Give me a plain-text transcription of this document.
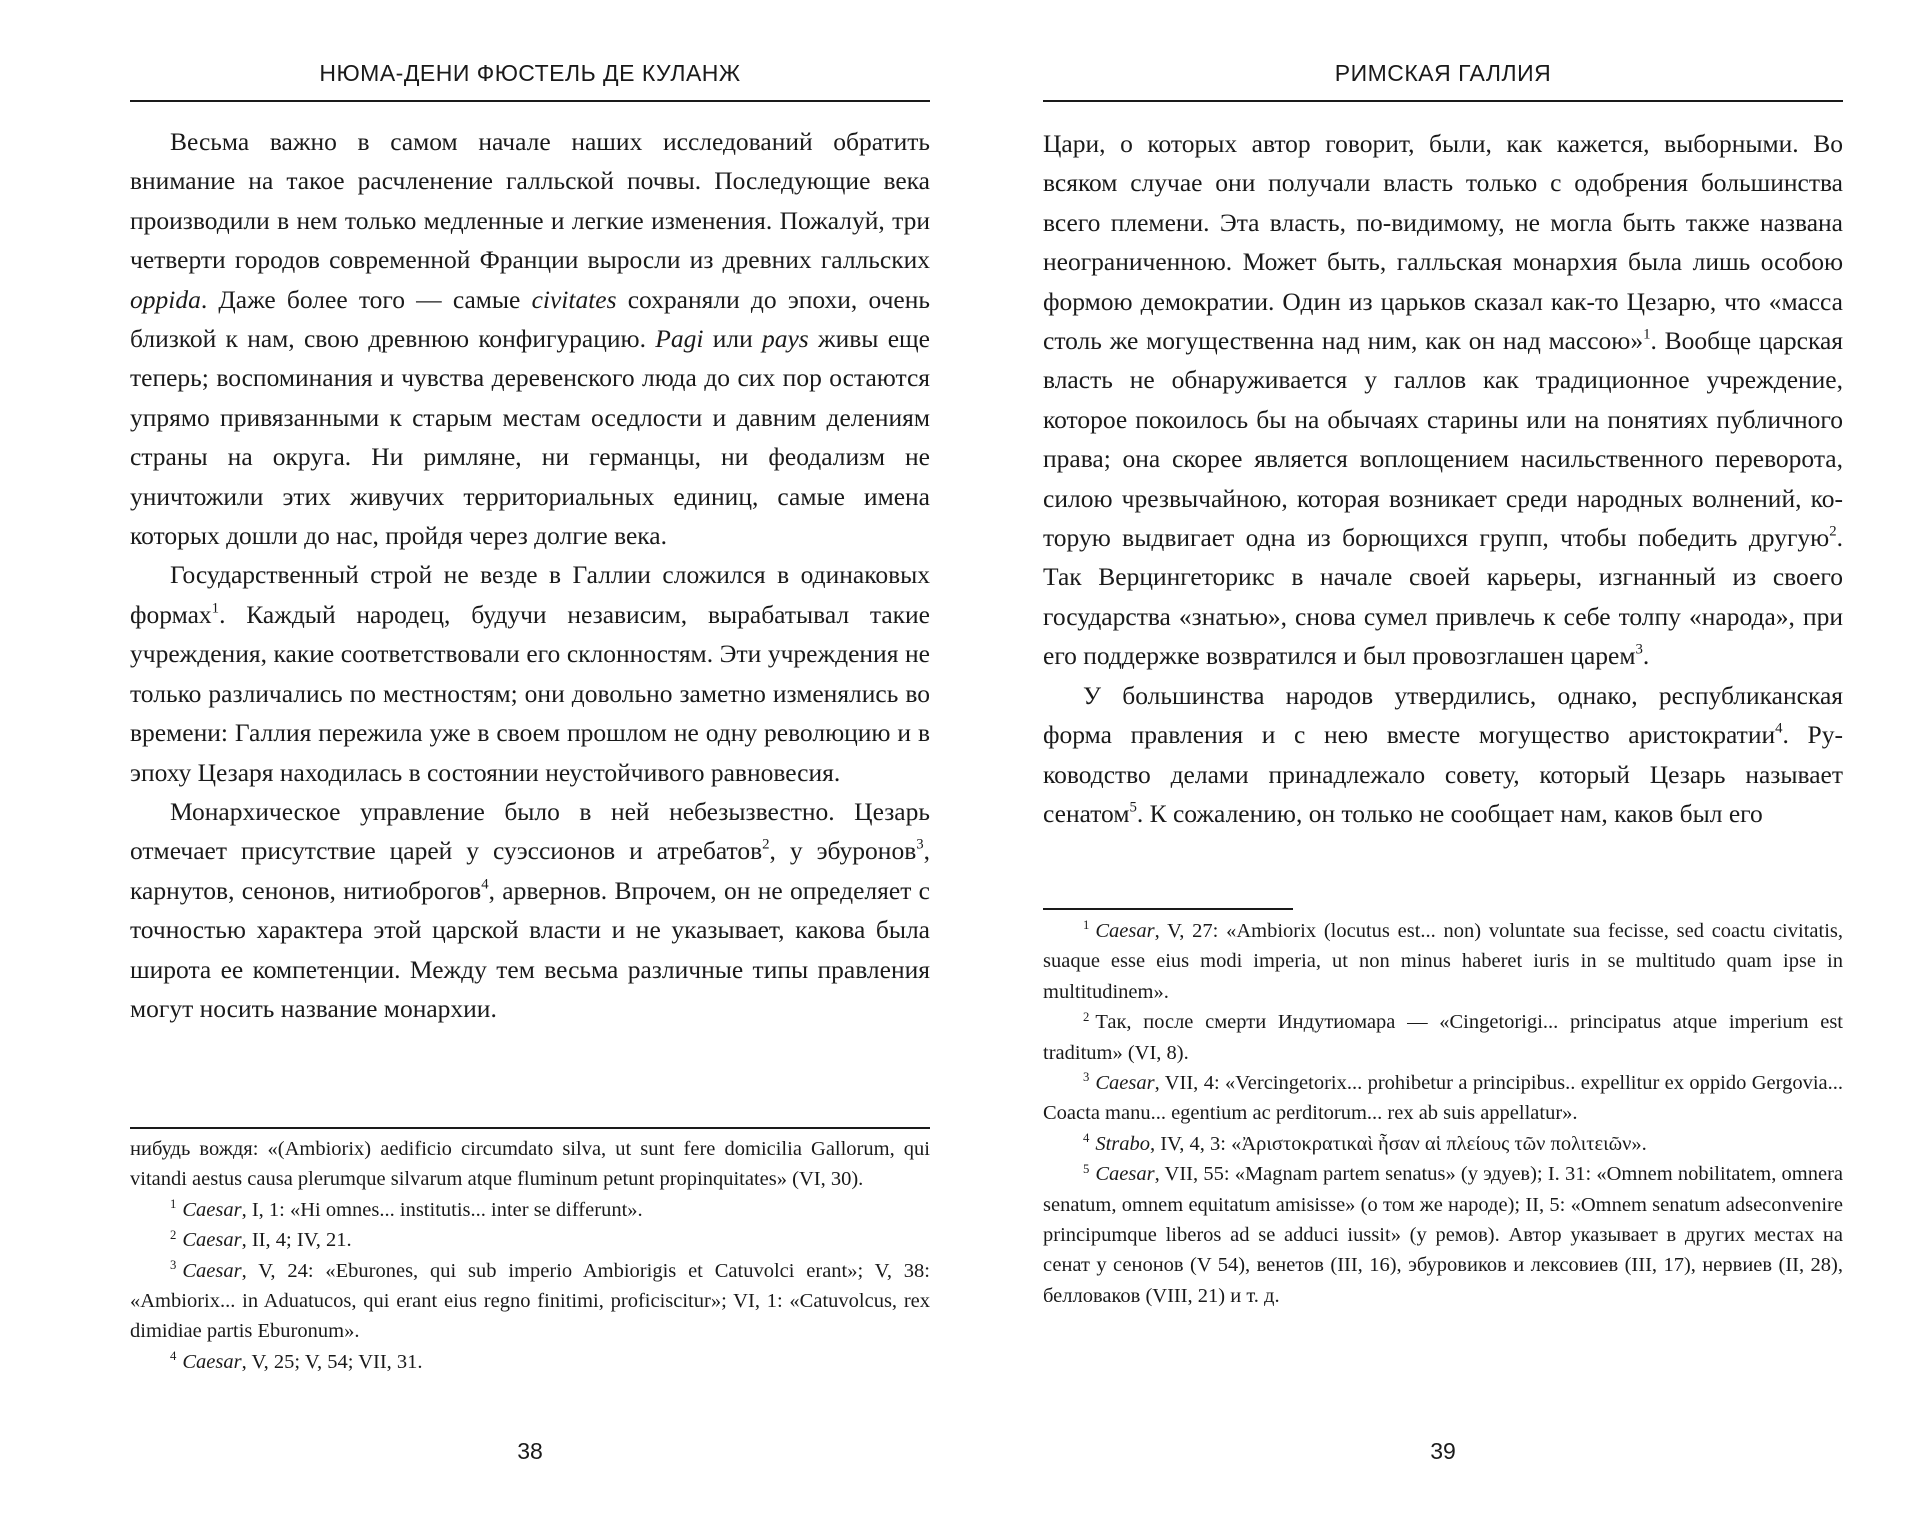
НЮМА-ДЕНИ ФЮСТЕЛЬ ДЕ КУЛАНЖ

Весьма важно в самом начале наших исследований обратить внимание на такое расчленение галльской почвы. Последующие века производили в нем только медленные и легкие изменения. Пожалуй, три четверти городов современной Франции выросли из древних галльских oppida. Даже более того — самые civitates сохраняли до эпохи, очень близкой к нам, свою древнюю конфигурацию. Pagi или pays живы еще теперь; воспоминания и чувства деревенского люда до сих пор остаются упрямо привязанными к старым местам оседлости и давним делениям страны на округа. Ни римляне, ни германцы, ни феодализм не уничтожили этих живучих территориальных единиц, самые имена которых дошли до нас, пройдя через долгие века.

Государственный строй не везде в Галлии сложился в одинаковых формах$^1$. Каждый народец, будучи независим, вырабатывал такие учреждения, какие соответствовали его склонностям. Эти учреждения не только различались по местностям; они довольно заметно изменялись во времени: Галлия пережила уже в своем прошлом не одну революцию и в эпоху Цезаря находилась в состоянии неустойчивого равновесия.

Монархическое управление было в ней небезызвестно. Цезарь отмечает присутствие царей у суэссионов и атребатов$^2$, у эбуронов$^3$, карнутов, сенонов, нитиоброгов$^4$, арвернов. Впрочем, он не определяет с точностью характера этой царской власти и не указывает, какова была широта ее компетенции. Между тем весьма различные типы правления могут носить название монархии.

нибудь вождя: «(Ambiorix) aedificio circumdato silva, ut sunt fere domicilia Gallorum, qui vitandi aestus causa plerumque silvarum atque fluminum petunt propinquitates» (VI, 30).

$^1$ Caesar, I, 1: «Hi omnes... institutis... inter se differunt».

$^2$ Caesar, II, 4; IV, 21.

$^3$ Caesar, V, 24: «Eburones, qui sub imperio Ambiorigis et Catuvolci erant»; V, 38: «Ambiorix... in Aduatucos, qui erant eius regno finitimi, proficiscitur»; VI, 1: «Catuvolcus, rex dimidiae partis Eburonum».

$^4$ Caesar, V, 25; V, 54; VII, 31.

38
РИМСКАЯ ГАЛЛИЯ

Цари, о которых автор говорит, были, как кажется, выборными. Во всяком случае они получали власть только с одобрения большинства всего племени. Эта власть, по-видимому, не могла быть также названа неограниченною. Может быть, галльская монархия была лишь особою формою демократии. Один из царьков сказал как-то Цезарю, что «масса столь же могущественна над ним, как он над массою»$^1$. Вообще царская власть не обнаруживается у галлов как традиционное учреждение, которое покоилось бы на обычаях старины или на понятиях публичного права; она скорее является воплощением насильственного переворота, силою чрезвычайною, которая возникает среди народных волнений, которую выдвигает одна из борющихся групп, чтобы победить другую$^2$. Так Верцингеторикс в начале своей карьеры, изгнанный из своего государства «знатью», снова сумел привлечь к себе толпу «народа», при его поддержке возвратился и был провозглашен царем$^3$.

У большинства народов утвердились, однако, республиканская форма правления и с нею вместе могущество аристократии$^4$. Руководство делами принадлежало совету, который Цезарь называет сенатом$^5$. К сожалению, он только не сообщает нам, каков был его

$^1$ Caesar, V, 27: «Ambiorix (locutus est... non) voluntate sua fecisse, sed coactu civitatis, suaque esse eius modi imperia, ut non minus haberet iuris in se multitudo quam ipse in multitudinem».

$^2$ Так, после смерти Индутиомара — «Cingetorigi... principatus atque imperium est traditum» (VI, 8).

$^3$ Caesar, VII, 4: «Vercingetorix... prohibetur a principibus.. expellitur ex oppido Gergovia... Coacta manu... egentium ac perditorum... rex ab suis appellatur».

$^4$ Strabo, IV, 4, 3: «Ἀριστοκρατικαὶ ἦσαν αἱ πλείους τῶν πολιτειῶν».

$^5$ Caesar, VII, 55: «Magnam partem senatus» (у эдуев); I. 31: «Omnem nobilitatem, omnera senatum, omnem equitatum amisisse» (о том же народе); II, 5: «Omnem senatum adseconvenire principumque liberos ad se adduci iussit» (у ремов). Автор указывает в других местах на сенат у сенонов (V 54), венетов (III, 16), эбуровиков и лексовиев (III, 17), нервиев (II, 28), белловаков (VIII, 21) и т. д.

39
